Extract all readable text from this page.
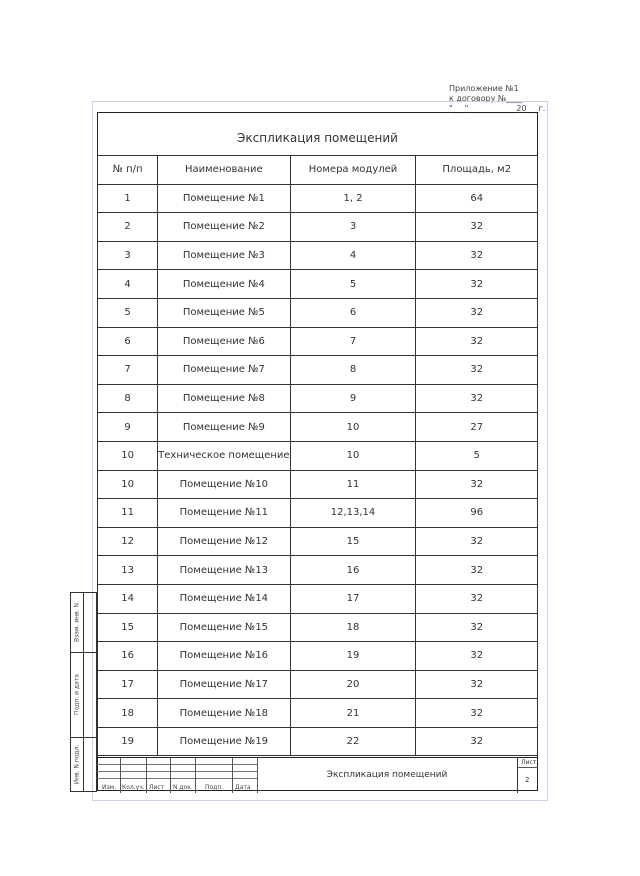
Приложение №1
к договору №____
"___"____________20___г.
Экспликация помещений
№ п/п	Наименование	Номера модулей	Площадь, м2
1	Помещение №1	1, 2	64
2	Помещение №2	3	32
3	Помещение №3	4	32
4	Помещение №4	5	32
5	Помещение №5	6	32
6	Помещение №6	7	32
7	Помещение №7	8	32
8	Помещение №8	9	32
9	Помещение №9	10	27
10	Техническое помещение	10	5
10	Помещение №10	11	32
11	Помещение №11	12,13,14	96
12	Помещение №12	15	32
13	Помещение №13	16	32
14	Помещение №14	17	32
15	Помещение №15	18	32
16	Помещение №16	19	32
17	Помещение №17	20	32
18	Помещение №18	21	32
19	Помещение №19	22	32
Изм. Кол.уч. Лист N док. Подп. Дата
Экспликация помещений
Лист
2
Взам. инв. N
Подп. и дата
Инв. N подл.
